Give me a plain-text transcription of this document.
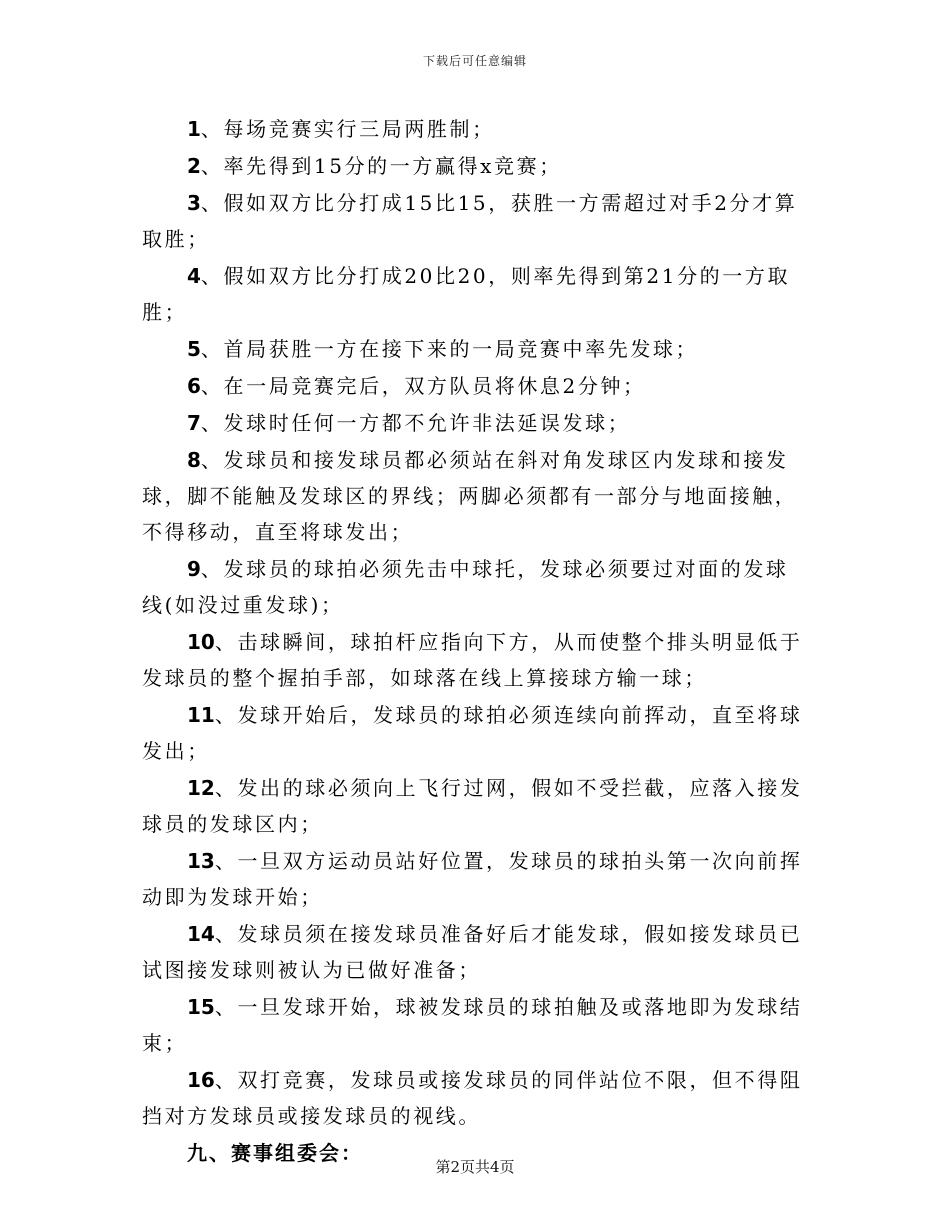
下载后可任意编辑

1、每场竞赛实行三局两胜制；

2、率先得到15分的一方赢得x竞赛；

3、假如双方比分打成15比15，获胜一方需超过对手2分才算取胜；

4、假如双方比分打成20比20，则率先得到第21分的一方取胜；

5、首局获胜一方在接下来的一局竞赛中率先发球；

6、在一局竞赛完后，双方队员将休息2分钟；

7、发球时任何一方都不允许非法延误发球；

8、发球员和接发球员都必须站在斜对角发球区内发球和接发球，脚不能触及发球区的界线；两脚必须都有一部分与地面接触，不得移动，直至将球发出；

9、发球员的球拍必须先击中球托，发球必须要过对面的发球线(如没过重发球)；

10、击球瞬间，球拍杆应指向下方，从而使整个排头明显低于发球员的整个握拍手部，如球落在线上算接球方输一球；

11、发球开始后，发球员的球拍必须连续向前挥动，直至将球发出；

12、发出的球必须向上飞行过网，假如不受拦截，应落入接发球员的发球区内；

13、一旦双方运动员站好位置，发球员的球拍头第一次向前挥动即为发球开始；

14、发球员须在接发球员准备好后才能发球，假如接发球员已试图接发球则被认为已做好准备；

15、一旦发球开始，球被发球员的球拍触及或落地即为发球结束；

16、双打竞赛，发球员或接发球员的同伴站位不限，但不得阻挡对方发球员或接发球员的视线。

九、赛事组委会：

第2页共4页
